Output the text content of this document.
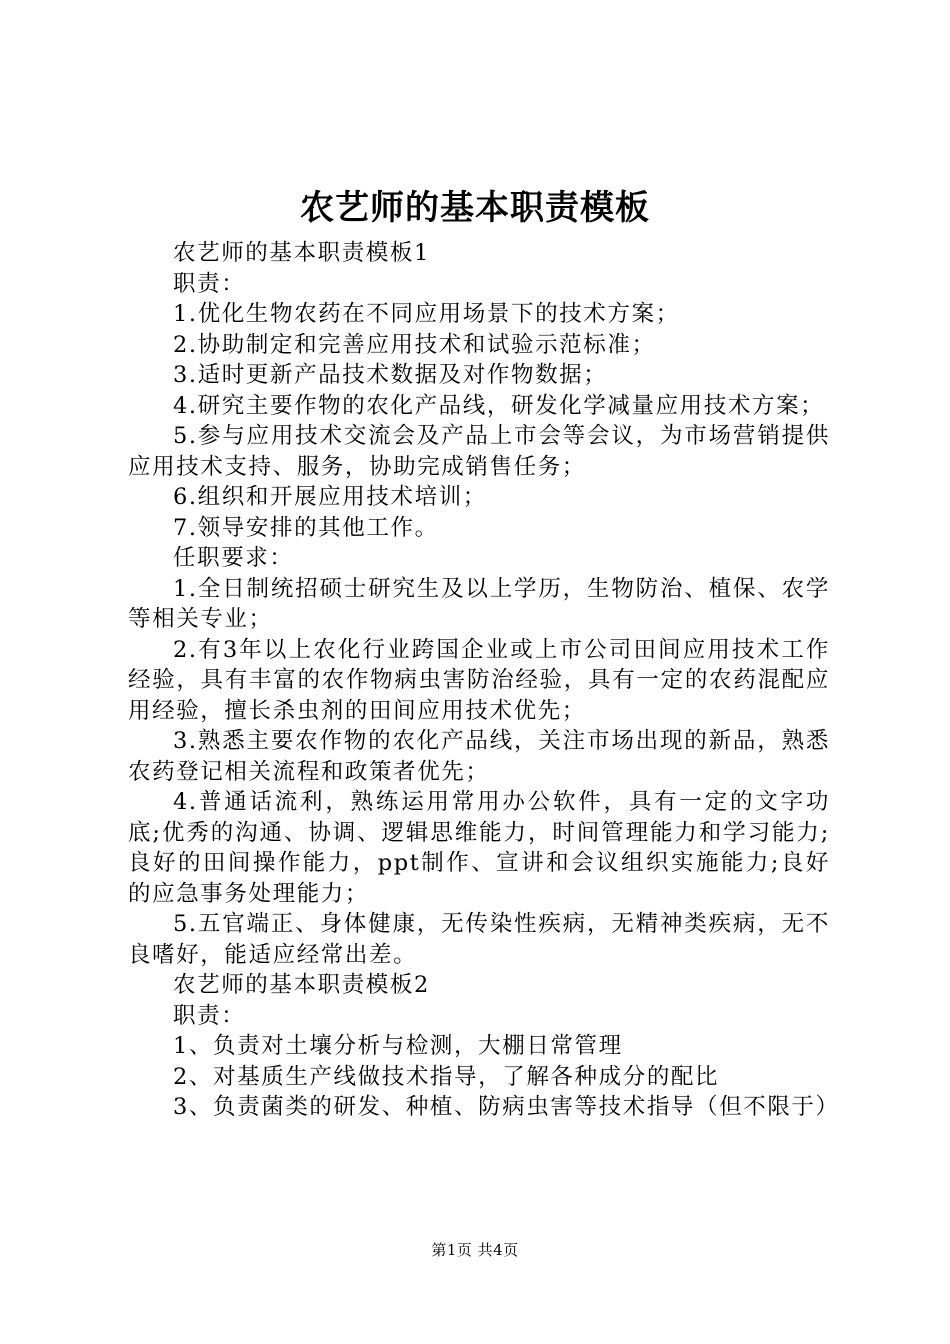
农艺师的基本职责模板

农艺师的基本职责模板1

职责：

1.优化生物农药在不同应用场景下的技术方案；

2.协助制定和完善应用技术和试验示范标准；

3.适时更新产品技术数据及对作物数据；

4.研究主要作物的农化产品线，研发化学减量应用技术方案；

5.参与应用技术交流会及产品上市会等会议，为市场营销提供应用技术支持、服务，协助完成销售任务；

6.组织和开展应用技术培训；

7.领导安排的其他工作。

任职要求：

1.全日制统招硕士研究生及以上学历，生物防治、植保、农学等相关专业；

2.有3年以上农化行业跨国企业或上市公司田间应用技术工作经验，具有丰富的农作物病虫害防治经验，具有一定的农药混配应用经验，擅长杀虫剂的田间应用技术优先；

3.熟悉主要农作物的农化产品线，关注市场出现的新品，熟悉农药登记相关流程和政策者优先；

4.普通话流利，熟练运用常用办公软件，具有一定的文字功底;优秀的沟通、协调、逻辑思维能力，时间管理能力和学习能力;良好的田间操作能力，ppt制作、宣讲和会议组织实施能力;良好的应急事务处理能力；

5.五官端正、身体健康，无传染性疾病，无精神类疾病，无不良嗜好，能适应经常出差。

农艺师的基本职责模板2

职责：

1、负责对土壤分析与检测，大棚日常管理

2、对基质生产线做技术指导，了解各种成分的配比

3、负责菌类的研发、种植、防病虫害等技术指导（但不限于）

第1页 共4页
